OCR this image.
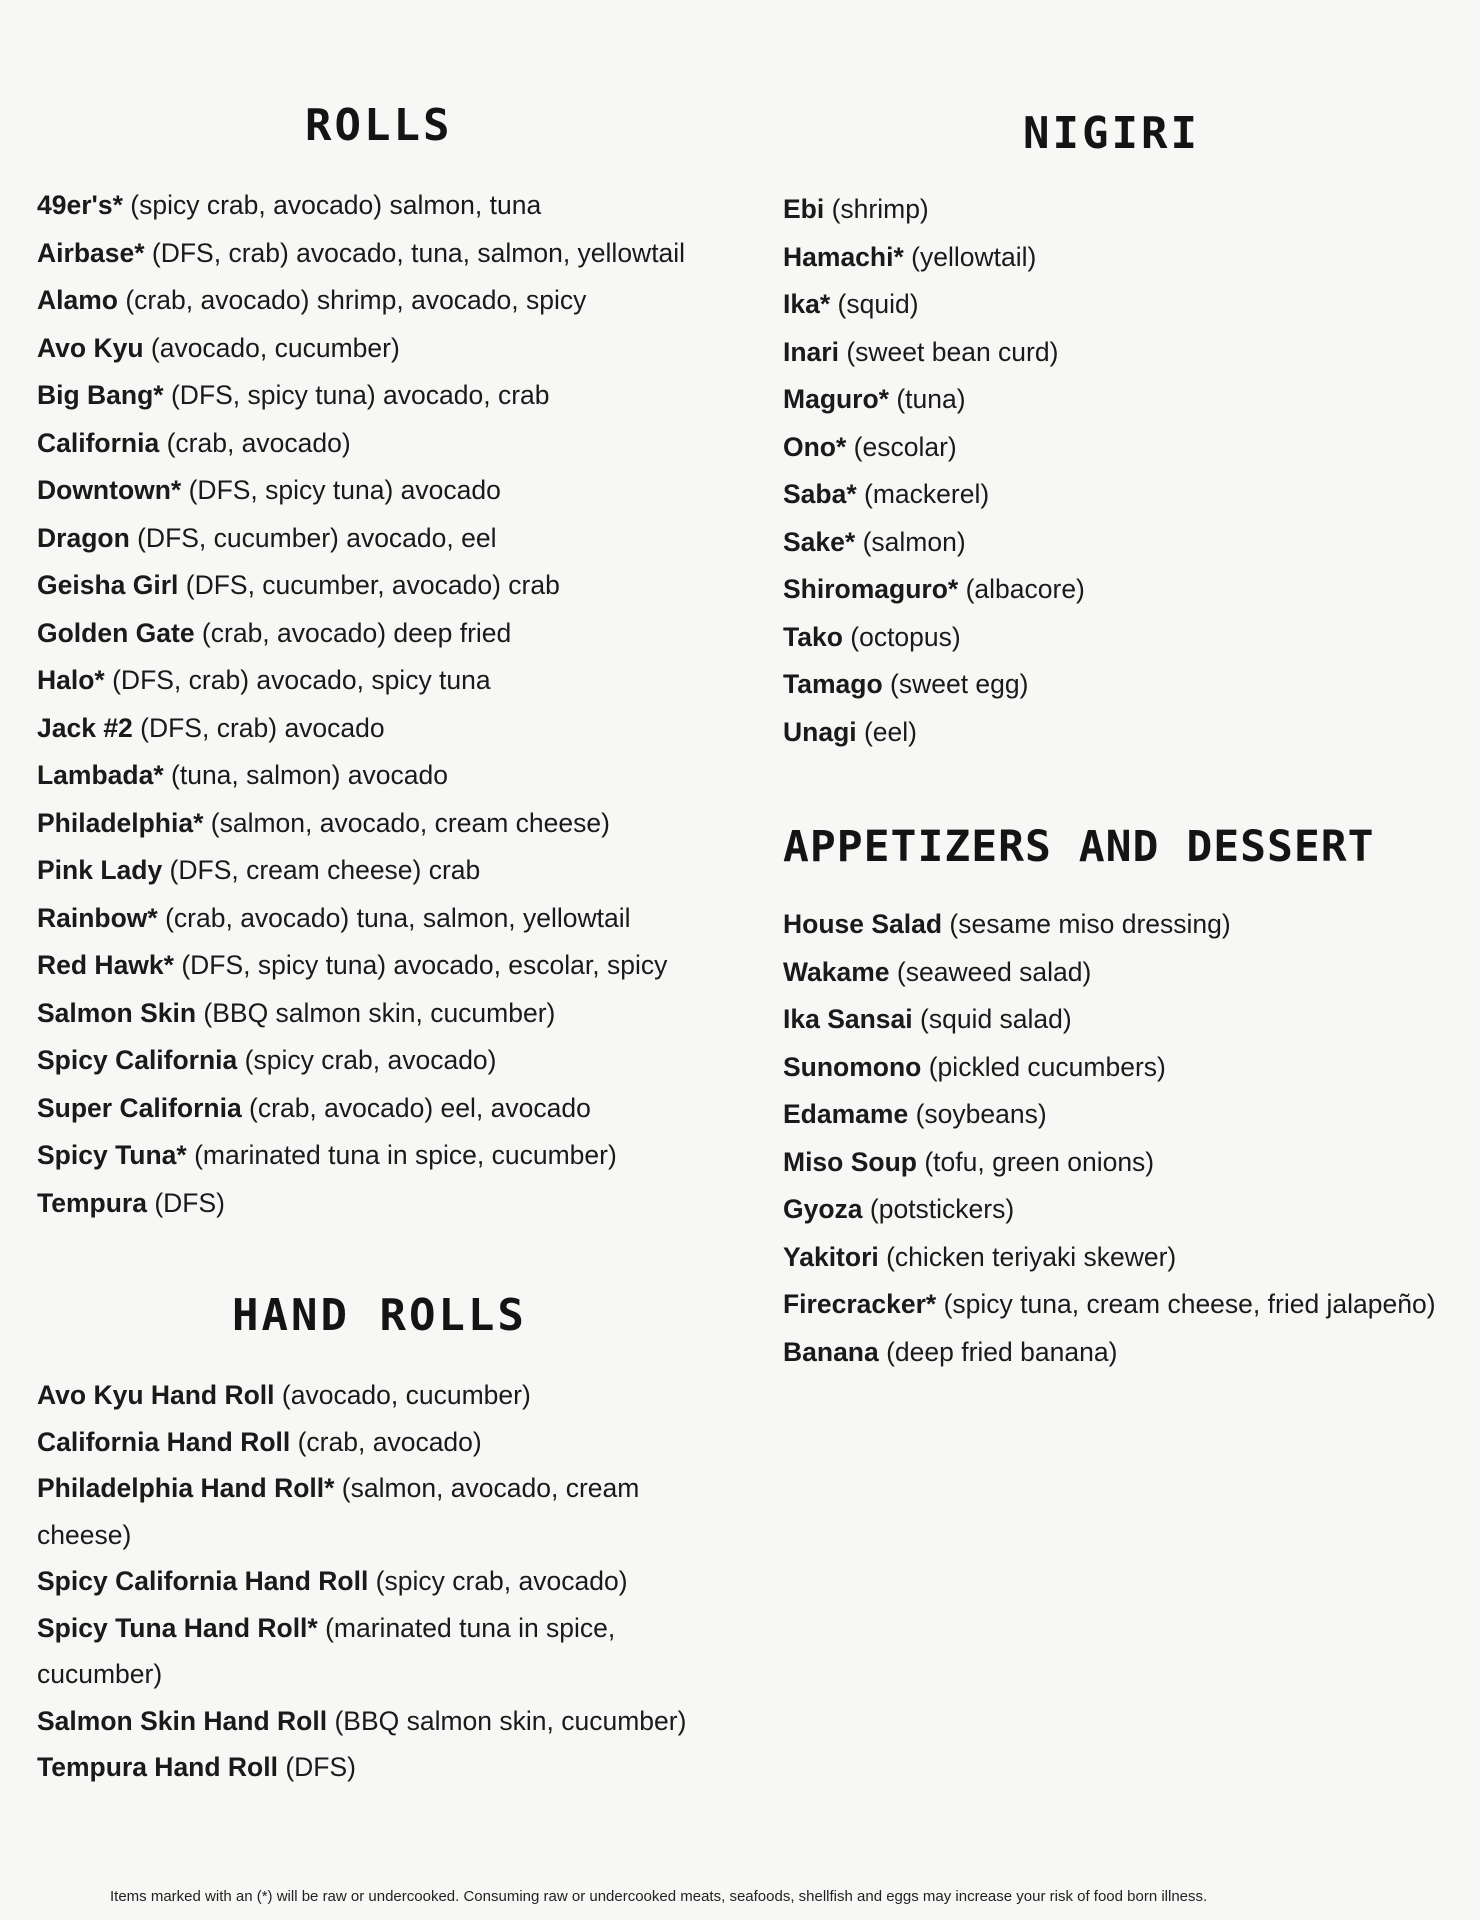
ROLLS
49er's* (spicy crab, avocado) salmon, tuna
Airbase* (DFS, crab) avocado, tuna, salmon, yellowtail
Alamo (crab, avocado) shrimp, avocado, spicy
Avo Kyu (avocado, cucumber)
Big Bang* (DFS, spicy tuna) avocado, crab
California (crab, avocado)
Downtown* (DFS, spicy tuna) avocado
Dragon (DFS, cucumber) avocado, eel
Geisha Girl (DFS, cucumber, avocado) crab
Golden Gate (crab, avocado) deep fried
Halo* (DFS, crab) avocado, spicy tuna
Jack #2 (DFS, crab) avocado
Lambada* (tuna, salmon) avocado
Philadelphia* (salmon, avocado, cream cheese)
Pink Lady (DFS, cream cheese) crab
Rainbow* (crab, avocado) tuna, salmon, yellowtail
Red Hawk* (DFS, spicy tuna) avocado, escolar, spicy
Salmon Skin (BBQ salmon skin, cucumber)
Spicy California (spicy crab, avocado)
Super California (crab, avocado) eel, avocado
Spicy Tuna* (marinated tuna in spice, cucumber)
Tempura (DFS)
HAND ROLLS
Avo Kyu Hand Roll (avocado, cucumber)
California Hand Roll (crab, avocado)
Philadelphia Hand Roll* (salmon, avocado, cream cheese)
Spicy California Hand Roll (spicy crab, avocado)
Spicy Tuna Hand Roll* (marinated tuna in spice, cucumber)
Salmon Skin Hand Roll (BBQ salmon skin, cucumber)
Tempura Hand Roll (DFS)
NIGIRI
Ebi (shrimp)
Hamachi* (yellowtail)
Ika* (squid)
Inari (sweet bean curd)
Maguro* (tuna)
Ono* (escolar)
Saba* (mackerel)
Sake* (salmon)
Shiromaguro* (albacore)
Tako (octopus)
Tamago (sweet egg)
Unagi (eel)
APPETIZERS AND DESSERT
House Salad (sesame miso dressing)
Wakame (seaweed salad)
Ika Sansai (squid salad)
Sunomono (pickled cucumbers)
Edamame (soybeans)
Miso Soup (tofu, green onions)
Gyoza (potstickers)
Yakitori (chicken teriyaki skewer)
Firecracker* (spicy tuna, cream cheese, fried jalapeño)
Banana (deep fried banana)
Items marked with an (*) will be raw or undercooked. Consuming raw or undercooked meats, seafoods, shellfish and eggs may increase your risk of food born illness.
